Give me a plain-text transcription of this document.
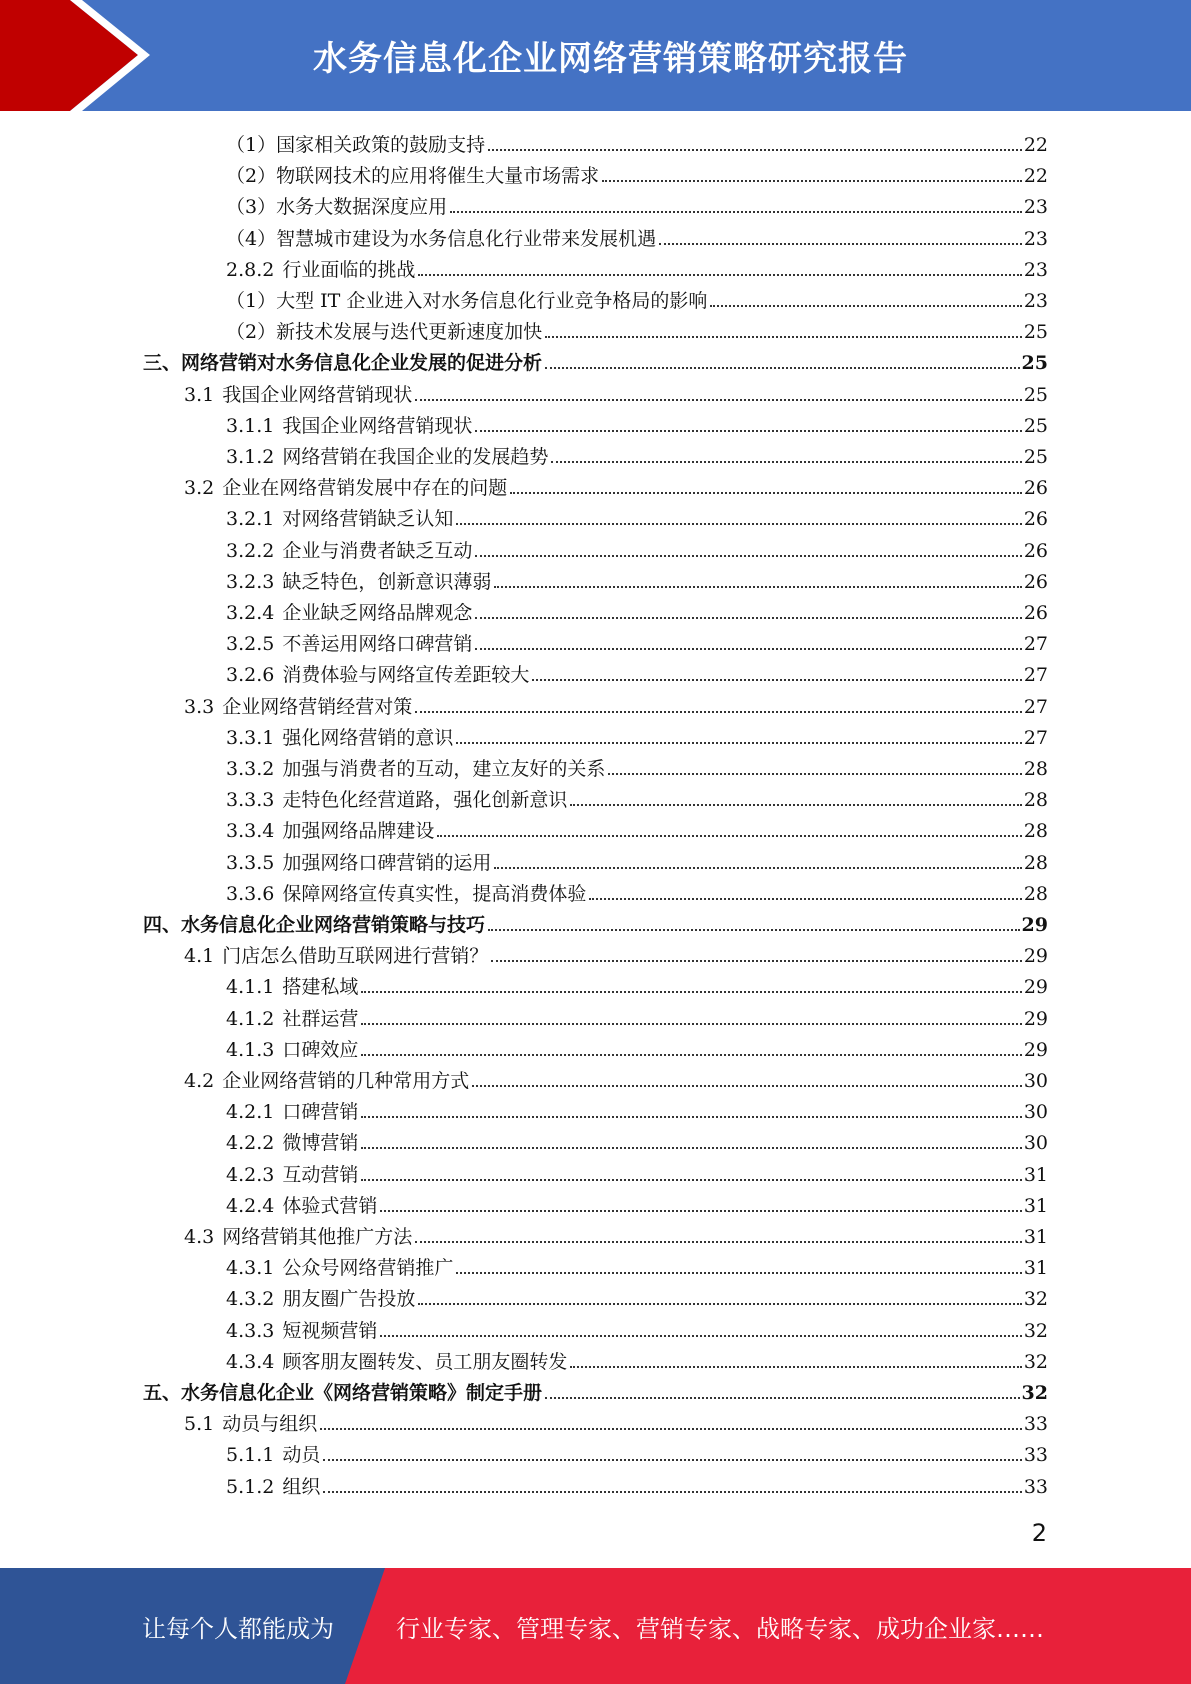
水务信息化企业网络营销策略研究报告
（1）国家相关政策的鼓励支持	22
（2）物联网技术的应用将催生大量市场需求	22
（3）水务大数据深度应用	23
（4）智慧城市建设为水务信息化行业带来发展机遇	23
2.8.2 行业面临的挑战	23
（1）大型 IT 企业进入对水务信息化行业竞争格局的影响	23
（2）新技术发展与迭代更新速度加快	25
三、网络营销对水务信息化企业发展的促进分析	25
3.1 我国企业网络营销现状	25
3.1.1 我国企业网络营销现状	25
3.1.2 网络营销在我国企业的发展趋势	25
3.2 企业在网络营销发展中存在的问题	26
3.2.1 对网络营销缺乏认知	26
3.2.2 企业与消费者缺乏互动	26
3.2.3 缺乏特色，创新意识薄弱	26
3.2.4 企业缺乏网络品牌观念	26
3.2.5 不善运用网络口碑营销	27
3.2.6 消费体验与网络宣传差距较大	27
3.3 企业网络营销经营对策	27
3.3.1 强化网络营销的意识	27
3.3.2 加强与消费者的互动，建立友好的关系	28
3.3.3 走特色化经营道路，强化创新意识	28
3.3.4 加强网络品牌建设	28
3.3.5 加强网络口碑营销的运用	28
3.3.6 保障网络宣传真实性，提高消费体验	28
四、水务信息化企业网络营销策略与技巧	29
4.1 门店怎么借助互联网进行营销？	29
4.1.1 搭建私域	29
4.1.2 社群运营	29
4.1.3 口碑效应	29
4.2 企业网络营销的几种常用方式	30
4.2.1 口碑营销	30
4.2.2 微博营销	30
4.2.3 互动营销	31
4.2.4 体验式营销	31
4.3 网络营销其他推广方法	31
4.3.1 公众号网络营销推广	31
4.3.2 朋友圈广告投放	32
4.3.3 短视频营销	32
4.3.4 顾客朋友圈转发、员工朋友圈转发	32
五、水务信息化企业《网络营销策略》制定手册	32
5.1 动员与组织	33
5.1.1 动员	33
5.1.2 组织	33
2
让每个人都能成为	行业专家、管理专家、营销专家、战略专家、成功企业家……
